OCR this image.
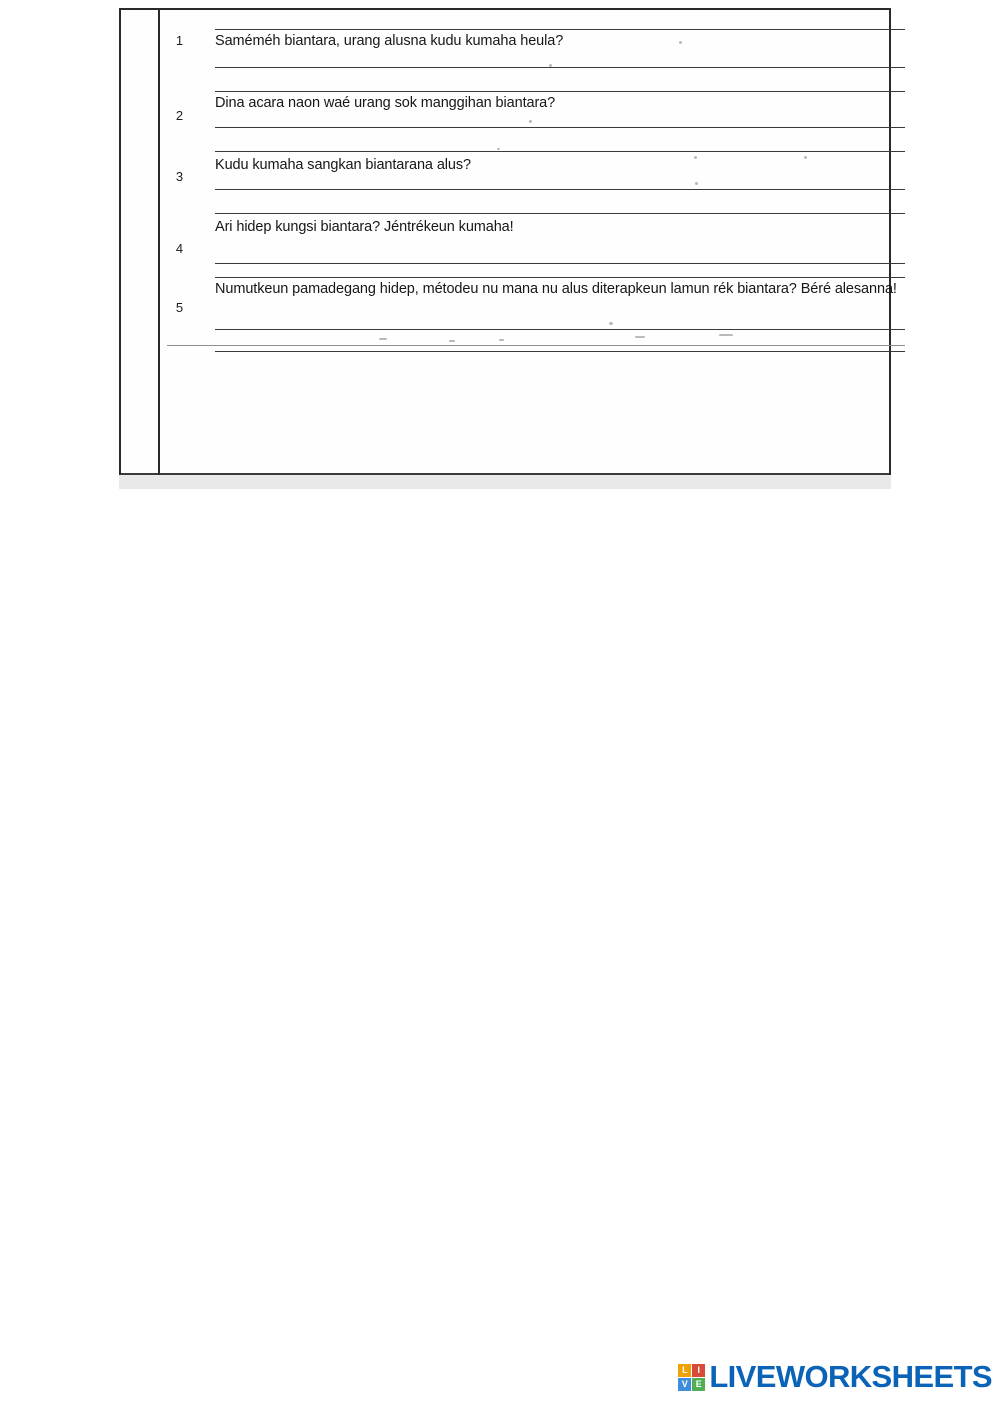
1	Saméméh biantara, urang alusna kudu kumaha heula?
2
Dina acara naon waé urang sok manggihan biantara?
3
Kudu kumaha sangkan biantarana alus?
4
Ari hidep kungsi biantara? Jéntrékeun kumaha!
5
Numutkeun pamadegang hidep, métodeu nu mana nu alus diterapkeun lamun rék biantara? Béré alesanna!
L	I
V E LIVEWORKSHEETS
